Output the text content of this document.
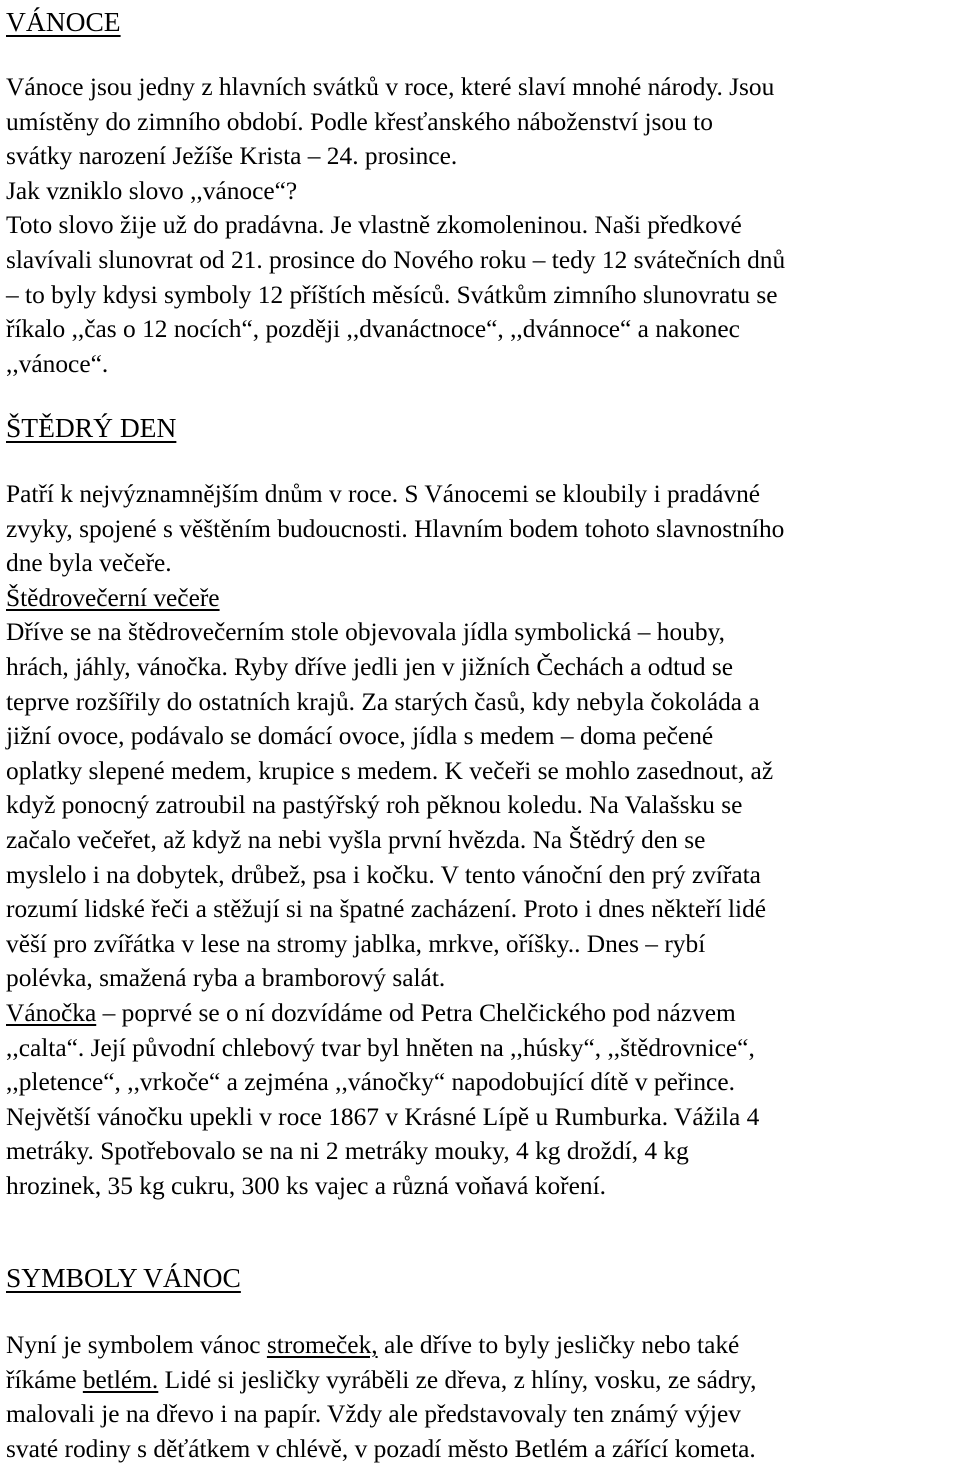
VÁNOCE
Vánoce jsou jedny z hlavních svátků v roce, které slaví mnohé národy. Jsou
umístěny do zimního období. Podle křesťanského náboženství jsou to
svátky narození Ježíše Krista – 24. prosince.
Jak vzniklo slovo ,,vánoce“?
Toto slovo žije už do pradávna. Je vlastně zkomoleninou. Naši předkové
slavívali slunovrat od 21. prosince do Nového roku – tedy 12 svátečních dnů
– to byly kdysi symboly 12 příštích měsíců. Svátkům zimního slunovratu se
říkalo ,,čas o 12 nocích“, později ,,dvanáctnoce“, ,,dvánnoce“ a nakonec
,,vánoce“.
ŠTĚDRÝ DEN
Patří k nejvýznamnějším dnům v roce. S Vánocemi se kloubily i pradávné
zvyky, spojené s věštěním budoucnosti. Hlavním bodem tohoto slavnostního
dne byla večeře.
Štědrovečerní večeře
Dříve se na štědrovečerním stole objevovala jídla symbolická – houby,
hrách, jáhly, vánočka. Ryby dříve jedli jen v jižních Čechách a odtud se
teprve rozšířily do ostatních krajů. Za starých časů, kdy nebyla čokoláda a
jižní ovoce, podávalo se domácí ovoce, jídla s medem – doma pečené
oplatky slepené medem, krupice s medem. K večeři se mohlo zasednout, až
když ponocný zatroubil na pastýřský roh pěknou koledu. Na Valašsku se
začalo večeřet, až když na nebi vyšla první hvězda. Na Štědrý den se
myslelo i na dobytek, drůbež, psa i kočku. V tento vánoční den prý zvířata
rozumí lidské řeči a stěžují si na špatné zacházení. Proto i dnes někteří lidé
věší pro zvířátka v lese na stromy jablka, mrkve, oříšky.. Dnes – rybí
polévka, smažená ryba a bramborový salát.
Vánočka – poprvé se o ní dozvídáme od Petra Chelčického pod názvem
,,calta“. Její původní chlebový tvar byl hněten na ,,húsky“, ,,štědrovnice“,
,,pletence“, ,,vrkoče“ a zejména ,,vánočky“ napodobující dítě v peřince.
Největší vánočku upekli v roce 1867 v Krásné Lípě u Rumburka. Vážila 4
metráky. Spotřebovalo se na ni 2 metráky mouky, 4 kg droždí, 4 kg
hrozinek, 35 kg cukru, 300 ks vajec a různá voňavá koření.
SYMBOLY VÁNOC
Nyní je symbolem vánoc stromeček, ale dříve to byly jesličky nebo také
říkáme betlém. Lidé si jesličky vyráběli ze dřeva, z hlíny, vosku, ze sádry,
malovali je na dřevo i na papír. Vždy ale představovaly ten známý výjev
svaté rodiny s děťátkem v chlévě, v pozadí město Betlém a zářící kometa.
